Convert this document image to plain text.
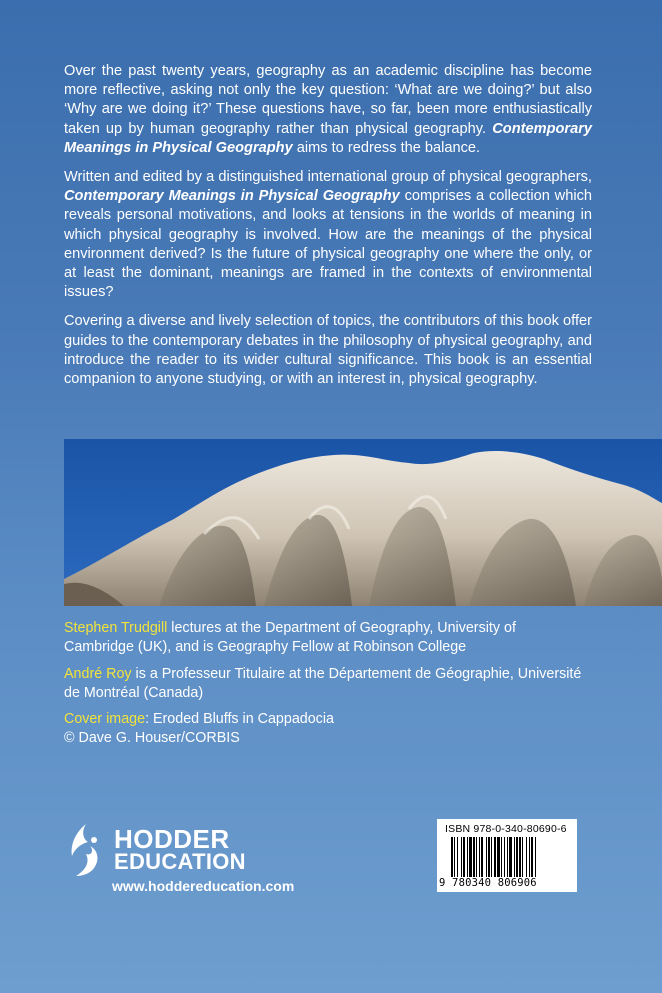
Over the past twenty years, geography as an academic discipline has become more reflective, asking not only the key question: ‘What are we doing?’ but also ‘Why are we doing it?’ These questions have, so far, been more enthusiastically taken up by human geography rather than physical geography. Contemporary Meanings in Physical Geography aims to redress the balance.

Written and edited by a distinguished international group of physical geographers, Contemporary Meanings in Physical Geography comprises a collection which reveals personal motivations, and looks at tensions in the worlds of meaning in which physical geography is involved. How are the meanings of the physical environment derived? Is the future of physical geography one where the only, or at least the dominant, meanings are framed in the contexts of environmental issues?

Covering a diverse and lively selection of topics, the contributors of this book offer guides to the contemporary debates in the philosophy of physical geography, and introduce the reader to its wider cultural significance. This book is an essential companion to anyone studying, or with an interest in, physical geography.

Stephen Trudgill lectures at the Department of Geography, University of Cambridge (UK), and is Geography Fellow at Robinson College

André Roy is a Professeur Titulaire at the Département de Géographie, Université de Montréal (Canada)

Cover image: Eroded Bluffs in Cappadocia
© Dave G. Houser/CORBIS

HODDER
EDUCATION
www.hoddereducation.com
ISBN 978-0-340-80690-6
9 780340 806906
